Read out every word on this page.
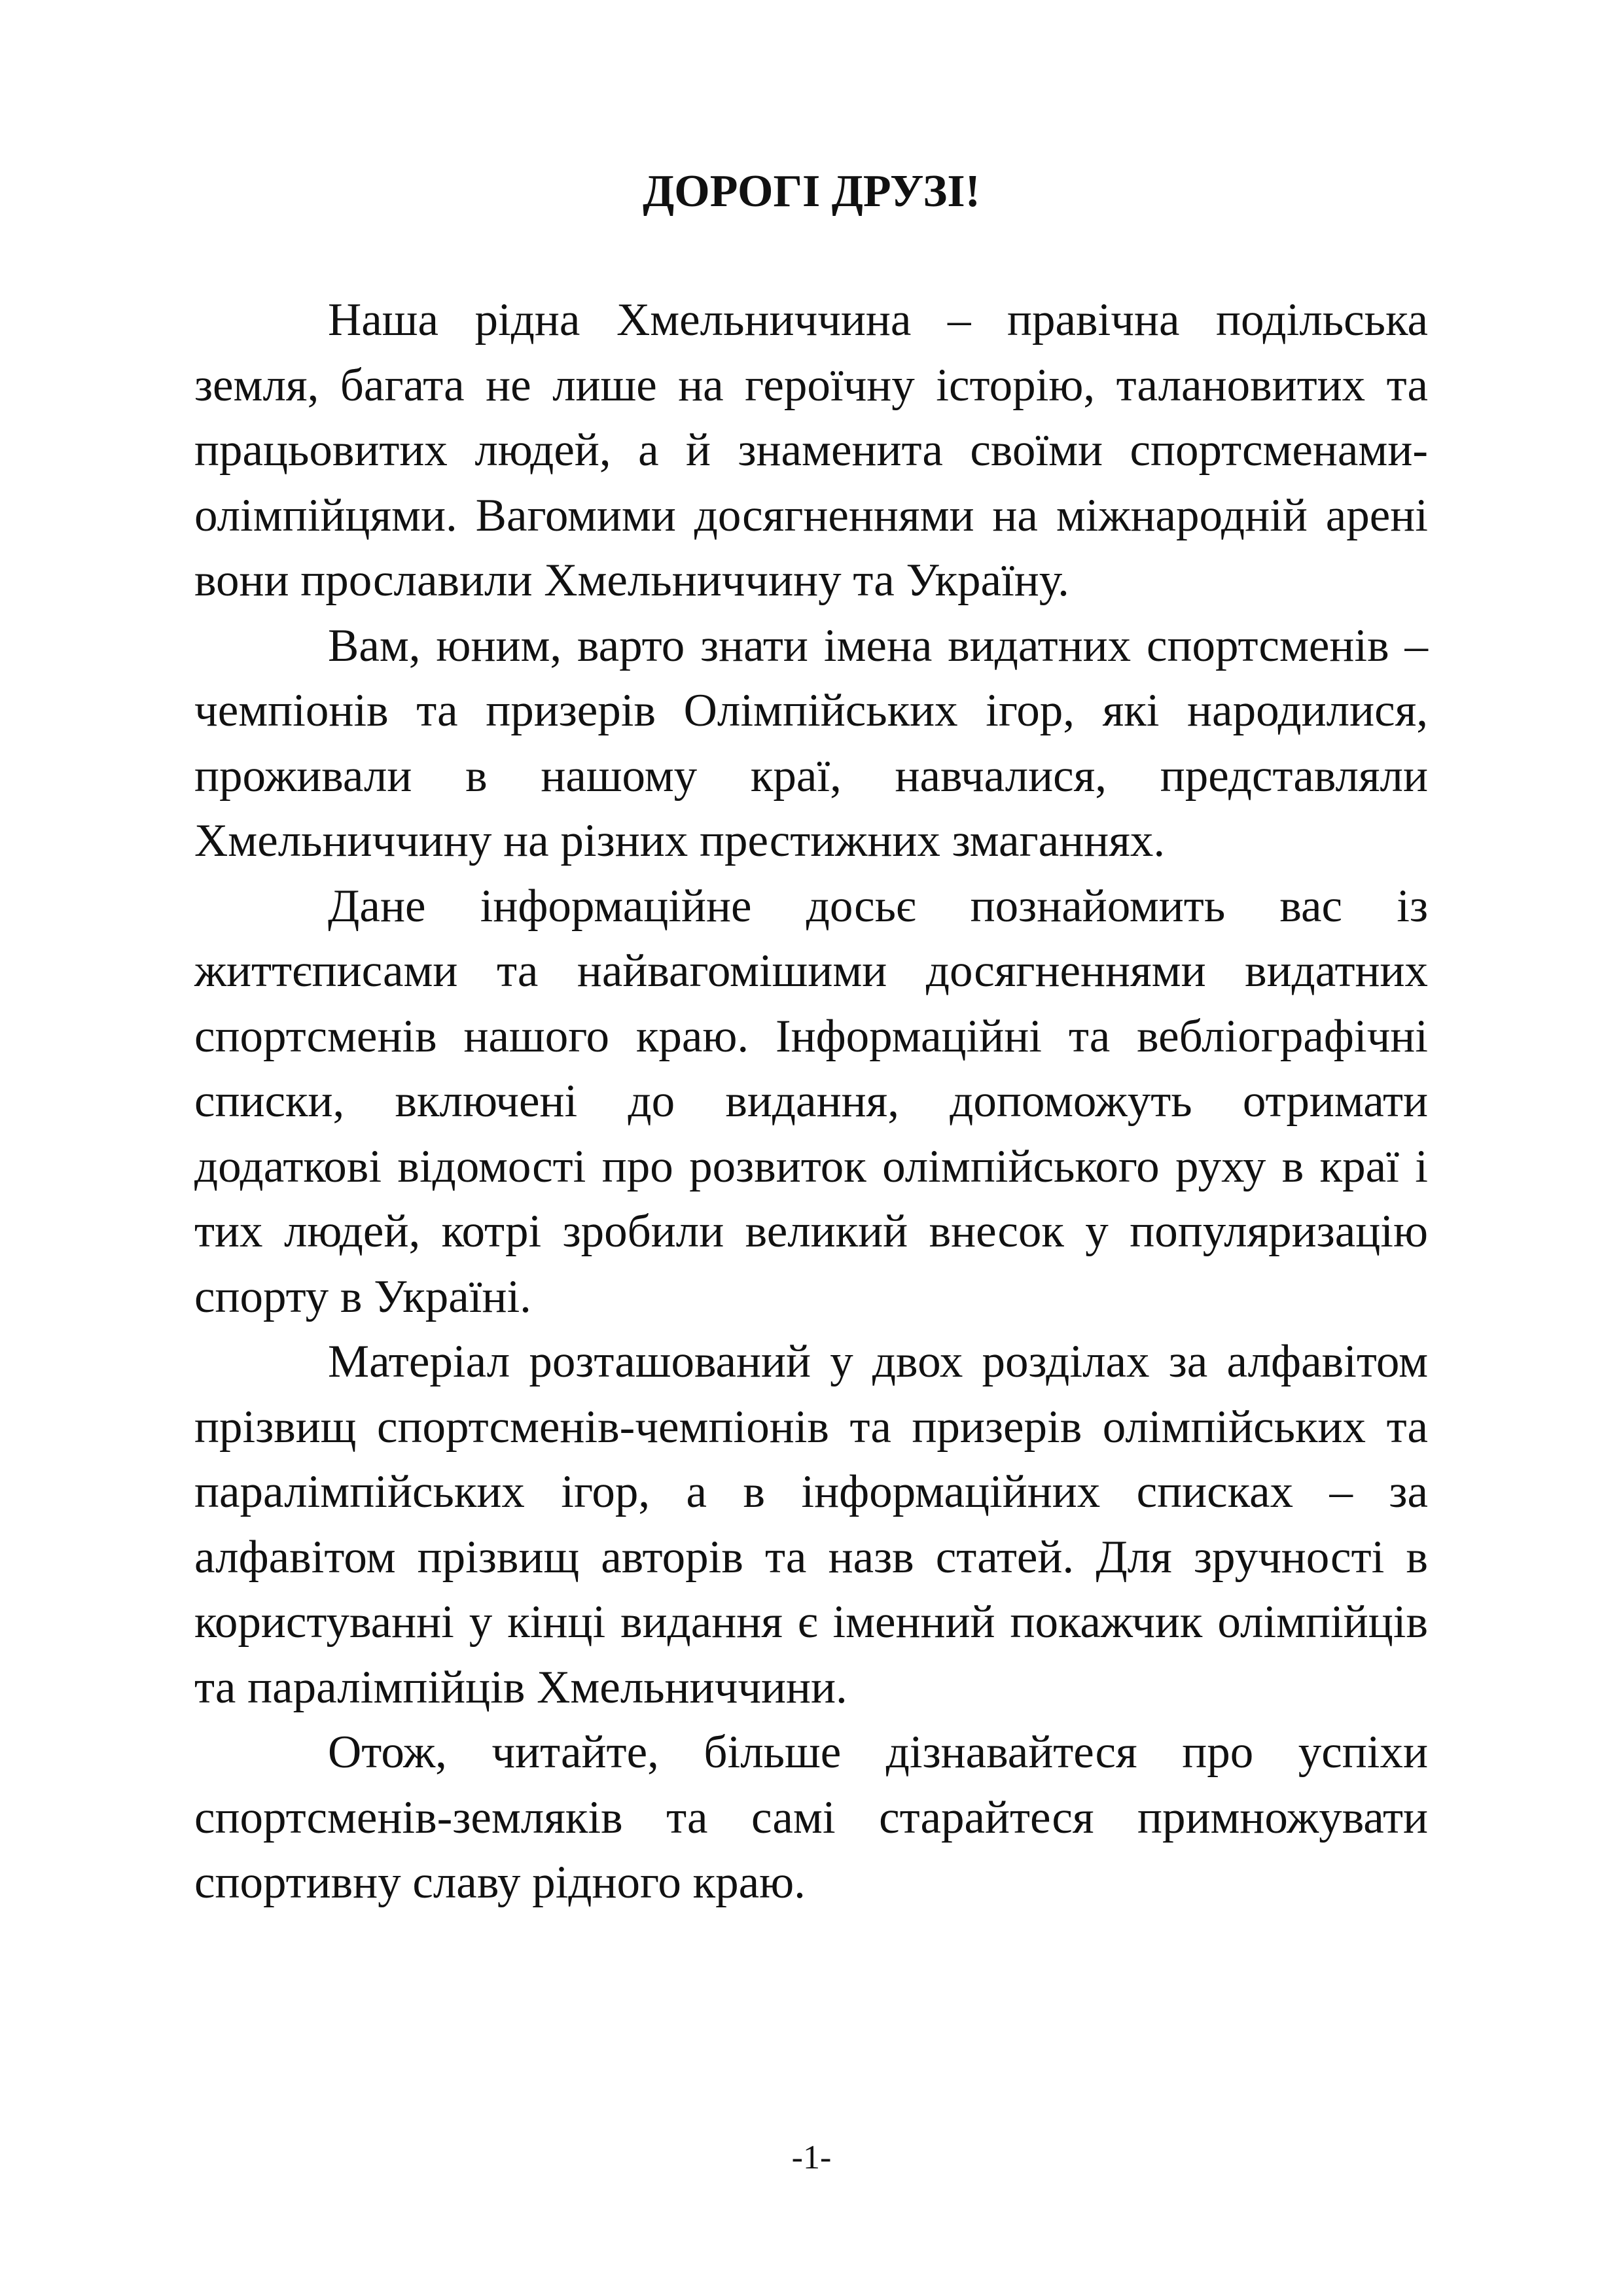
ДОРОГІ ДРУЗІ!

Наша рідна Хмельниччина – правічна подільська земля, багата не лише на героїчну історію, талановитих та працьовитих людей, а й знаменита своїми спортсменами-олімпійцями. Вагомими досягненнями на міжнародній арені вони прославили Хмельниччину та Україну.

Вам, юним, варто знати імена видатних спортсменів – чемпіонів та призерів Олімпійських ігор, які народилися, проживали в нашому краї, навчалися, представляли Хмельниччину на різних престижних змаганнях.

Дане інформаційне досьє познайомить вас із життєписами та найвагомішими досягненнями видатних спортсменів нашого краю. Інформаційні та вебліографічні списки, включені до видання, допоможуть отримати додаткові відомості про розвиток олімпійського руху в краї і тих людей, котрі зробили великий внесок у популяризацію спорту в Україні.

Матеріал розташований у двох розділах за алфавітом прізвищ спортсменів-чемпіонів та призерів олімпійських та паралімпійських ігор, а в інформаційних списках – за алфавітом прізвищ авторів та назв статей. Для зручності в користуванні у кінці видання є іменний покажчик олімпійців та паралімпійців Хмельниччини.

Отож, читайте, більше дізнавайтеся про успіхи спортсменів-земляків та самі старайтеся примножувати спортивну славу рідного краю.

-1-
